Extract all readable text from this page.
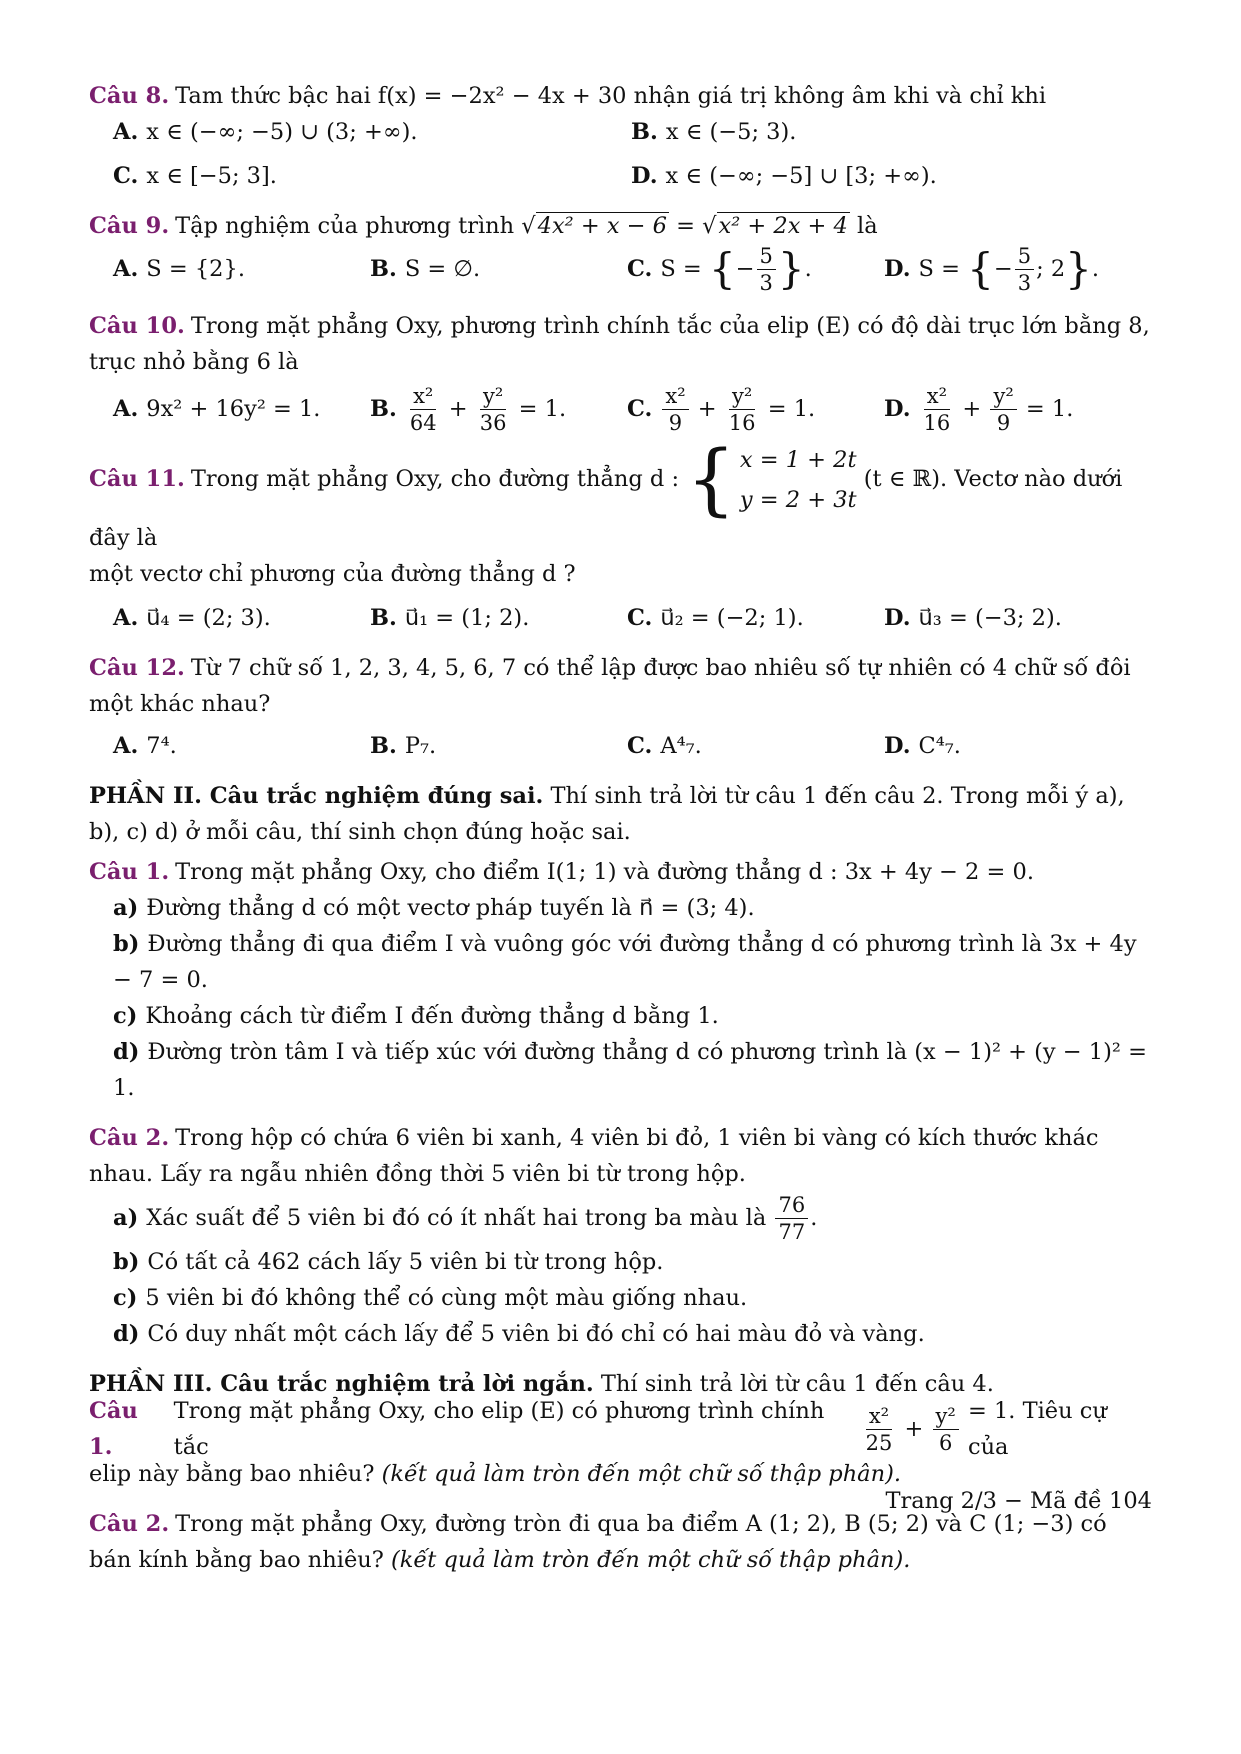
Câu 8. Tam thức bậc hai f(x) = −2x² − 4x + 30 nhận giá trị không âm khi và chỉ khi

A. x ∈ (−∞; −5) ∪ (3; +∞).	B. x ∈ (−5; 3).
C. x ∈ [−5; 3].	D. x ∈ (−∞; −5] ∪ [3; +∞).

Câu 9. Tập nghiệm của phương trình √4x² + x − 6 = √x² + 2x + 4 là

A. S = {2}.	B. S = ∅.	C. S =
{ − $\frac{5}{3}$ } .	D. S =
{ − $\frac{5}{3}$ ; 2 } .

Câu 10. Trong mặt phẳng Oxy, phương trình chính tắc của elip (E) có độ dài trục lớn bằng 8, trục nhỏ bằng 6 là

A. 9x² + 16y² = 1. B. $\frac{\text{x²}}{64} + \frac{\text{y²}}{36}$
= 1.	C. $\frac{\text{x²}}{9} + \frac{\text{y²}}{16}$
= 1.	D. $\frac{\text{x²}}{16} + \frac{\text{y²}}{9}$
= 1.

Câu 11. Trong mặt phẳng Oxy, cho đường thẳng d : { x = 1 + 2t
y = 2 + 3t
(t ∈ ℝ). Vectơ nào dưới đây là

một vectơ chỉ phương của đường thẳng d ?

A. u⃗₄ = (2; 3).	B. u⃗₁ = (1; 2).	C. u⃗₂ = (−2; 1).	D. u⃗₃ = (−3; 2).

Câu 12. Từ 7 chữ số 1, 2, 3, 4, 5, 6, 7 có thể lập được bao nhiêu số tự nhiên có 4 chữ số đôi một khác nhau?

A. 7⁴.	B. P₇.	C. A⁴₇.	D. C⁴₇.

PHẦN II. Câu trắc nghiệm đúng sai. Thí sinh trả lời từ câu 1 đến câu 2. Trong mỗi ý a), b), c) d) ở mỗi câu, thí sinh chọn đúng hoặc sai.

Câu 1. Trong mặt phẳng Oxy, cho điểm I(1; 1) và đường thẳng d : 3x + 4y − 2 = 0.

a) Đường thẳng d có một vectơ pháp tuyến là n⃗ = (3; 4).
b) Đường thẳng đi qua điểm I và vuông góc với đường thẳng d có phương trình là 3x + 4y − 7 = 0.
c) Khoảng cách từ điểm I đến đường thẳng d bằng 1.
d) Đường tròn tâm I và tiếp xúc với đường thẳng d có phương trình là (x − 1)² + (y − 1)² = 1.

Câu 2. Trong hộp có chứa 6 viên bi xanh, 4 viên bi đỏ, 1 viên bi vàng có kích thước khác nhau. Lấy ra ngẫu nhiên đồng thời 5 viên bi từ trong hộp.

a) Xác suất để 5 viên bi đó có ít nhất hai trong ba màu là
$\frac{76}{77}$ .
b) Có tất cả 462 cách lấy 5 viên bi từ trong hộp.
c) 5 viên bi đó không thể có cùng một màu giống nhau.
d) Có duy nhất một cách lấy để 5 viên bi đó chỉ có hai màu đỏ và vàng.

PHẦN III. Câu trắc nghiệm trả lời ngắn. Thí sinh trả lời từ câu 1 đến câu 4.

Câu 1.
Trong mặt phẳng Oxy, cho elip (E) có phương trình chính tắc
	$\frac{\text{x²}}{25} + \frac{\text{y²}}{6}$
= 1. Tiêu cự của

elip này bằng bao nhiêu? (kết quả làm tròn đến một chữ số thập phân).

Câu 2. Trong mặt phẳng Oxy, đường tròn đi qua ba điểm A (1; 2), B (5; 2) và C (1; −3) có bán kính bằng bao nhiêu? (kết quả làm tròn đến một chữ số thập phân).

Trang 2/3 − Mã đề 104
